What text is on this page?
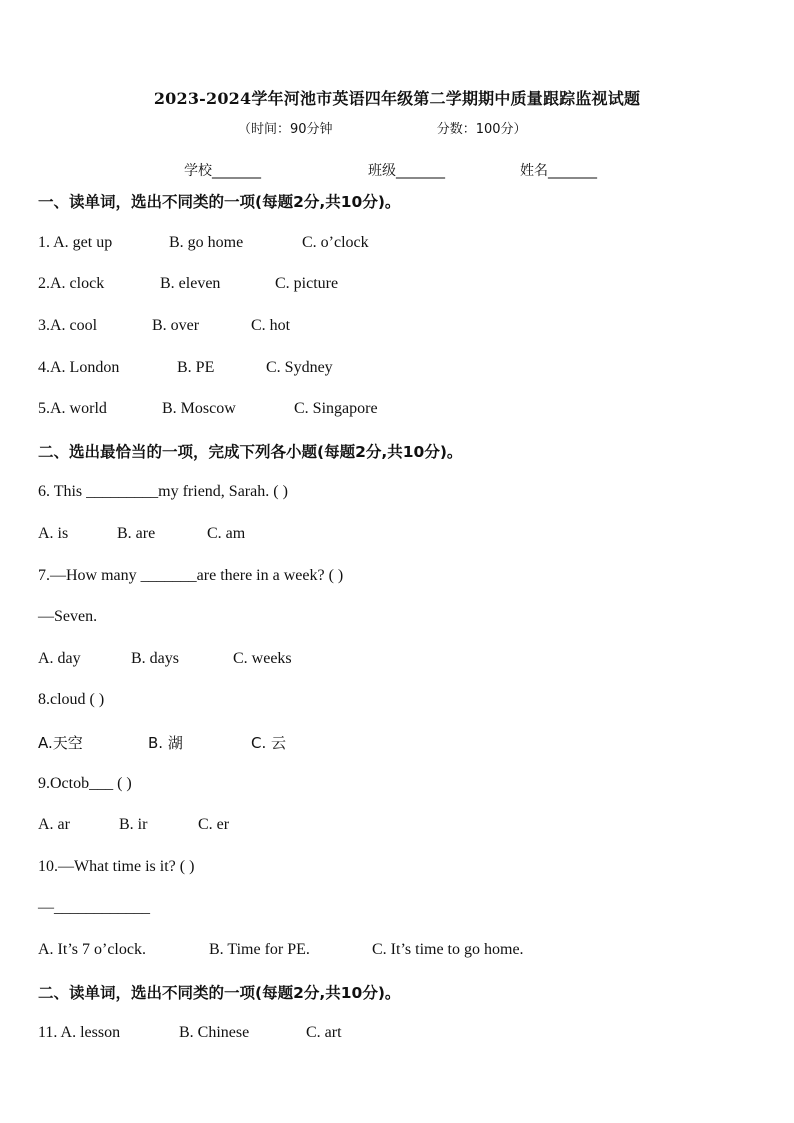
2023-2024学年河池市英语四年级第二学期期中质量跟踪监视试题
（时间：90分钟	分数：100分）
学校_______	班级_______	姓名_______
一、读单词，选出不同类的一项(每题2分,共10分)。
1. A. get up	B. go home	C. o’clock
2.A. clock	B. eleven	C. picture
3.A. cool	B. over	C. hot
4.A. London	B. PE	C. Sydney
5.A. world	B. Moscow	C. Singapore
二、选出最恰当的一项，完成下列各小题(每题2分,共10分)。
6. This _________my friend, Sarah. ( )
A. is	B. are	C. am
7.—How many _______are there in a week? ( )
—Seven.
A. day	B. days	C. weeks
8.cloud ( )
A.天空	B. 湖	C. 云
9.Octob___ ( )
A. ar	B. ir	C. er
10.—What time is it? ( )
—____________
A. It’s 7 o’clock.	B. Time for PE.	C. It’s time to go home.
二、读单词，选出不同类的一项(每题2分,共10分)。
11. A. lesson	B. Chinese	C. art
